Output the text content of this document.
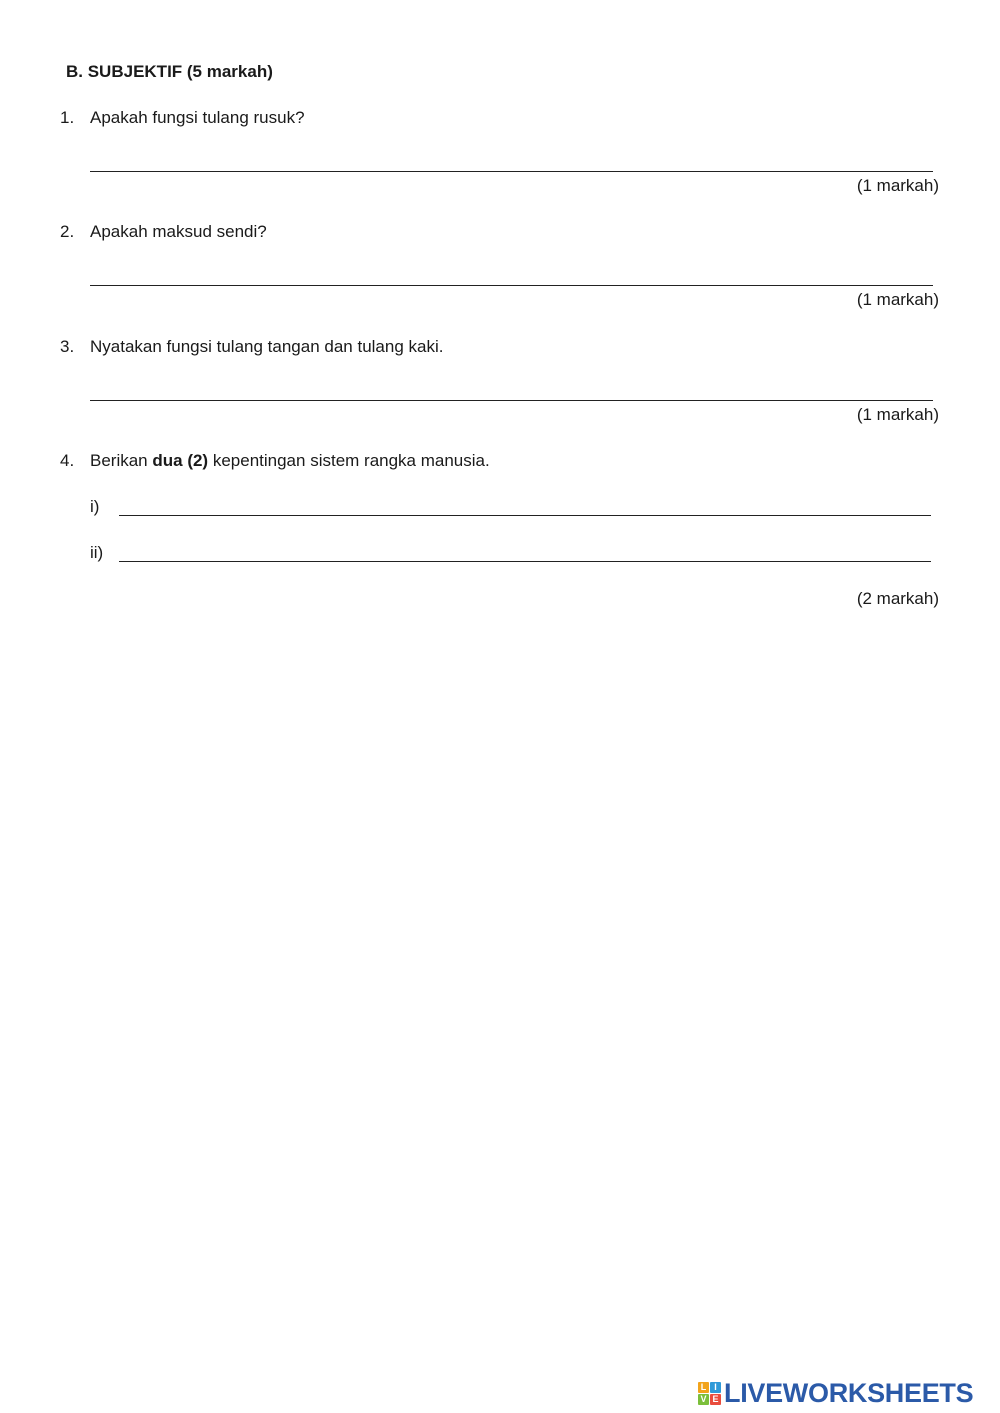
B. SUBJEKTIF (5 markah)
1. Apakah fungsi tulang rusuk?
(1 markah)
2. Apakah maksud sendi?
(1 markah)
3. Nyatakan fungsi tulang tangan dan tulang kaki.
(1 markah)
4. Berikan dua (2) kepentingan sistem rangka manusia.
i)
ii)
(2 markah)
L I
V E LIVEWORKSHEETS
